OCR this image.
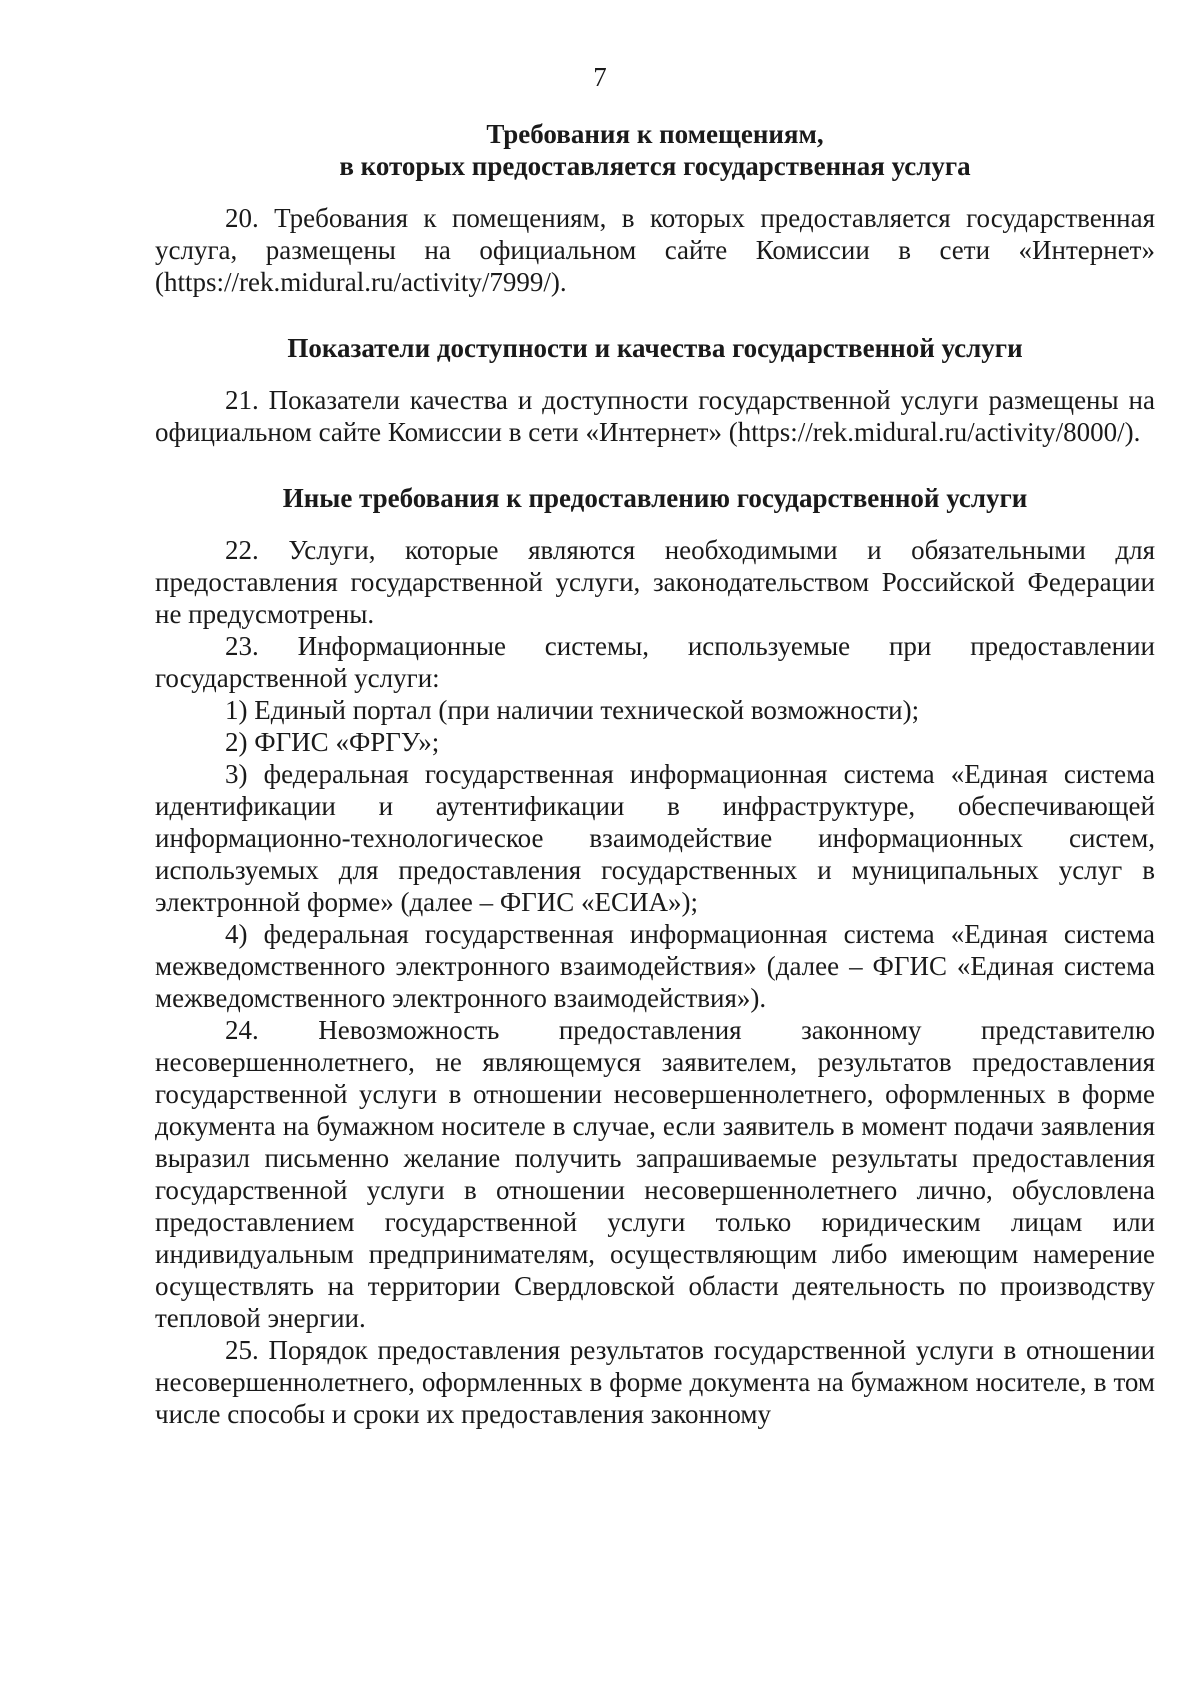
7
Требования к помещениям,
в которых предоставляется государственная услуга

20. Требования к помещениям, в которых предоставляется государственная услуга, размещены на официальном сайте Комиссии в сети «Интернет» (https://rek.midural.ru/activity/7999/).

Показатели доступности и качества государственной услуги

21. Показатели качества и доступности государственной услуги размещены на официальном сайте Комиссии в сети «Интернет» (https://rek.midural.ru/activity/8000/).

Иные требования к предоставлению государственной услуги

22. Услуги, которые являются необходимыми и обязательными для предоставления государственной услуги, законодательством Российской Федерации не предусмотрены.

23. Информационные системы, используемые при предоставлении государственной услуги:

1) Единый портал (при наличии технической возможности);

2) ФГИС «ФРГУ»;

3) федеральная государственная информационная система «Единая система идентификации и аутентификации в инфраструктуре, обеспечивающей информационно-технологическое взаимодействие информационных систем, используемых для предоставления государственных и муниципальных услуг в электронной форме» (далее – ФГИС «ЕСИА»);

4) федеральная государственная информационная система «Единая система межведомственного электронного взаимодействия» (далее – ФГИС «Единая система межведомственного электронного взаимодействия»).

24. Невозможность предоставления законному представителю несовершеннолетнего, не являющемуся заявителем, результатов предоставления государственной услуги в отношении несовершеннолетнего, оформленных в форме документа на бумажном носителе в случае, если заявитель в момент подачи заявления выразил письменно желание получить запрашиваемые результаты предоставления государственной услуги в отношении несовершеннолетнего лично, обусловлена предоставлением государственной услуги только юридическим лицам или индивидуальным предпринимателям, осуществляющим либо имеющим намерение осуществлять на территории Свердловской области деятельность по производству тепловой энергии.

25. Порядок предоставления результатов государственной услуги в отношении несовершеннолетнего, оформленных в форме документа на бумажном носителе, в том числе способы и сроки их предоставления законному
